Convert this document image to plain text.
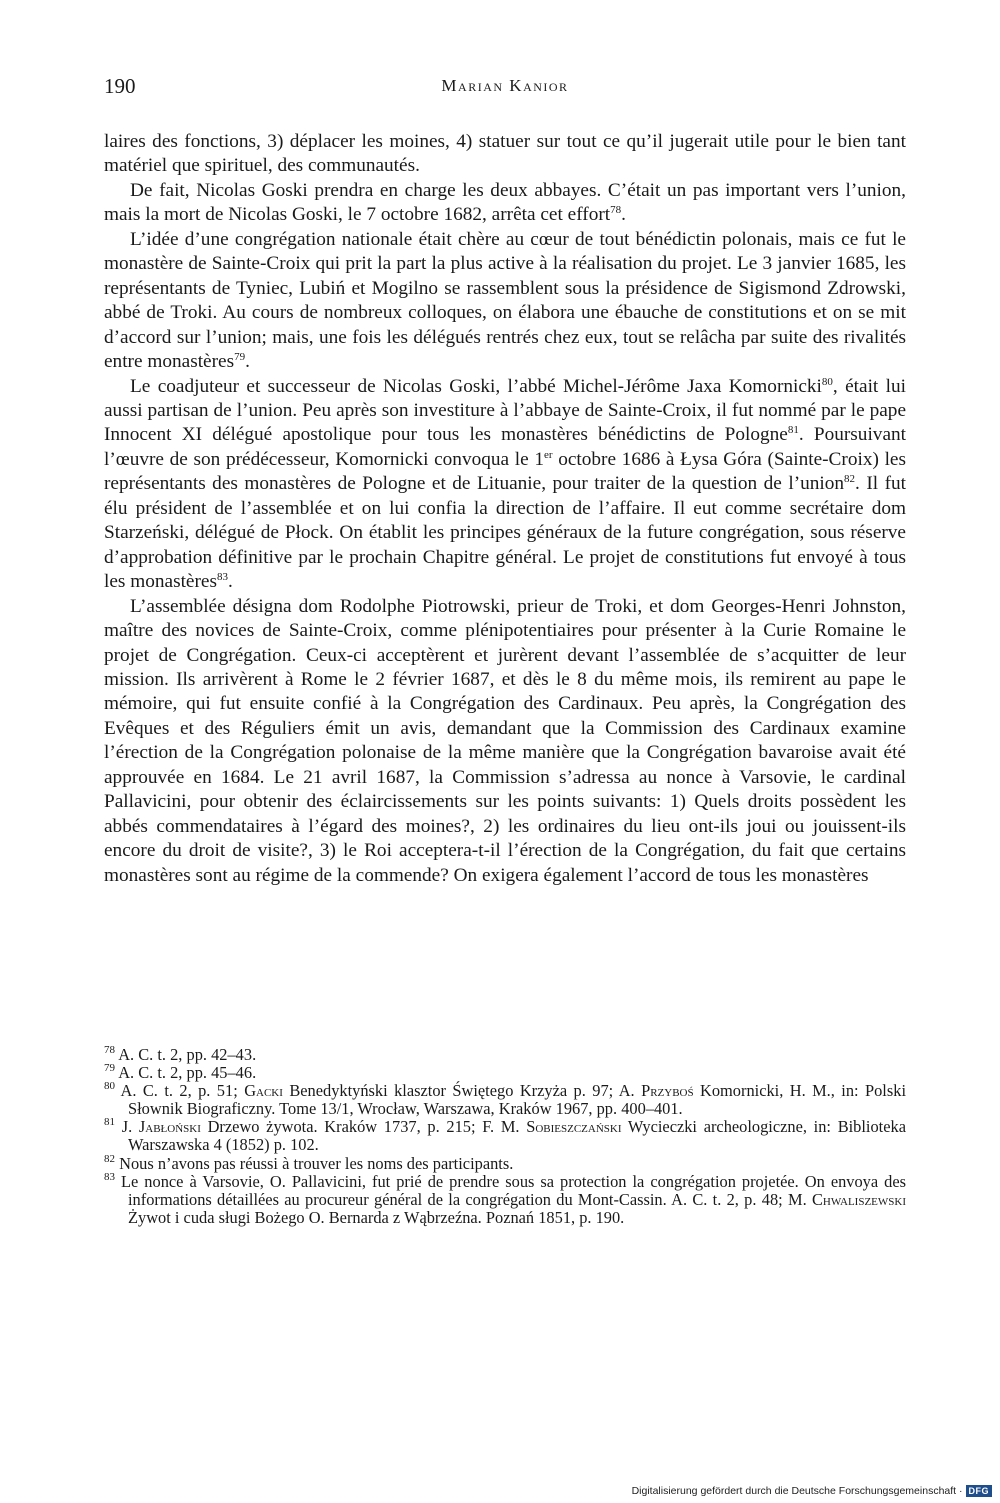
190	Marian Kanior

laires des fonctions, 3) déplacer les moines, 4) statuer sur tout ce qu’il jugerait utile pour le bien tant matériel que spirituel, des communautés.

De fait, Nicolas Goski prendra en charge les deux abbayes. C’était un pas important vers l’union, mais la mort de Nicolas Goski, le 7 octobre 1682, arrêta cet effort$^{78}$.

L’idée d’une congrégation nationale était chère au cœur de tout bénédictin polonais, mais ce fut le monastère de Sainte-Croix qui prit la part la plus active à la réalisation du projet. Le 3 janvier 1685, les représentants de Tyniec, Lubiń et Mogilno se rassemblent sous la présidence de Sigismond Zdrowski, abbé de Troki. Au cours de nombreux colloques, on élabora une ébauche de constitutions et on se mit d’accord sur l’union; mais, une fois les délégués rentrés chez eux, tout se relâcha par suite des rivalités entre monastères$^{79}$.

Le coadjuteur et successeur de Nicolas Goski, l’abbé Michel-Jérôme Jaxa Komornicki$^{80}$, était lui aussi partisan de l’union. Peu après son investiture à l’abbaye de Sainte-Croix, il fut nommé par le pape Innocent XI délégué apostolique pour tous les monastères bénédictins de Pologne$^{81}$. Poursuivant l’œuvre de son prédécesseur, Komornicki convoqua le 1er octobre 1686 à Łysa Góra (Sainte-Croix) les représentants des monastères de Pologne et de Lituanie, pour traiter de la question de l’union$^{82}$. Il fut élu président de l’assemblée et on lui confia la direction de l’affaire. Il eut comme secrétaire dom Starzeński, délégué de Płock. On établit les principes généraux de la future congrégation, sous réserve d’approbation définitive par le prochain Chapitre général. Le projet de constitutions fut envoyé à tous les monastères$^{83}$.

L’assemblée désigna dom Rodolphe Piotrowski, prieur de Troki, et dom Georges-Henri Johnston, maître des novices de Sainte-Croix, comme plénipotentiaires pour présenter à la Curie Romaine le projet de Congrégation. Ceux-ci acceptèrent et jurèrent devant l’assemblée de s’acquitter de leur mission. Ils arrivèrent à Rome le 2 février 1687, et dès le 8 du même mois, ils remirent au pape le mémoire, qui fut ensuite confié à la Congrégation des Cardinaux. Peu après, la Congrégation des Evêques et des Réguliers émit un avis, demandant que la Commission des Cardinaux examine l’érection de la Congrégation polonaise de la même manière que la Congrégation bavaroise avait été approuvée en 1684. Le 21 avril 1687, la Commission s’adressa au nonce à Varsovie, le cardinal Pallavicini, pour obtenir des éclaircissements sur les points suivants: 1) Quels droits possèdent les abbés commendataires à l’égard des moines?, 2) les ordinaires du lieu ont-ils joui ou jouissent-ils encore du droit de visite?, 3) le Roi acceptera-t-il l’érection de la Congrégation, du fait que certains monastères sont au régime de la commende? On exigera également l’accord de tous les monastères

$^{78}$ A. C. t. 2, pp. 42–43.

$^{79}$ A. C. t. 2, pp. 45–46.

$^{80}$ A. C. t. 2, p. 51; Gacki Benedyktyński klasztor Świętego Krzyża p. 97; A. Przyboś Komornicki, H. M., in: Polski Słownik Biograficzny. Tome 13/1, Wrocław, Warszawa, Kraków 1967, pp. 400–401.

$^{81}$ J. Jabłoński Drzewo żywota. Kraków 1737, p. 215; F. M. Sobieszczański Wycieczki archeologiczne, in: Biblioteka Warszawska 4 (1852) p. 102.

$^{82}$ Nous n’avons pas réussi à trouver les noms des participants.

$^{83}$ Le nonce à Varsovie, O. Pallavicini, fut prié de prendre sous sa protection la congrégation projetée. On envoya des informations détaillées au procureur général de la congrégation du Mont-Cassin. A. C. t. 2, p. 48; M. Chwaliszewski Żywot i cuda sługi Bożego O. Bernarda z Wąbrzeźna. Poznań 1851, p. 190.

Digitalisierung gefördert durch die Deutsche Forschungsgemeinschaft · DFG
